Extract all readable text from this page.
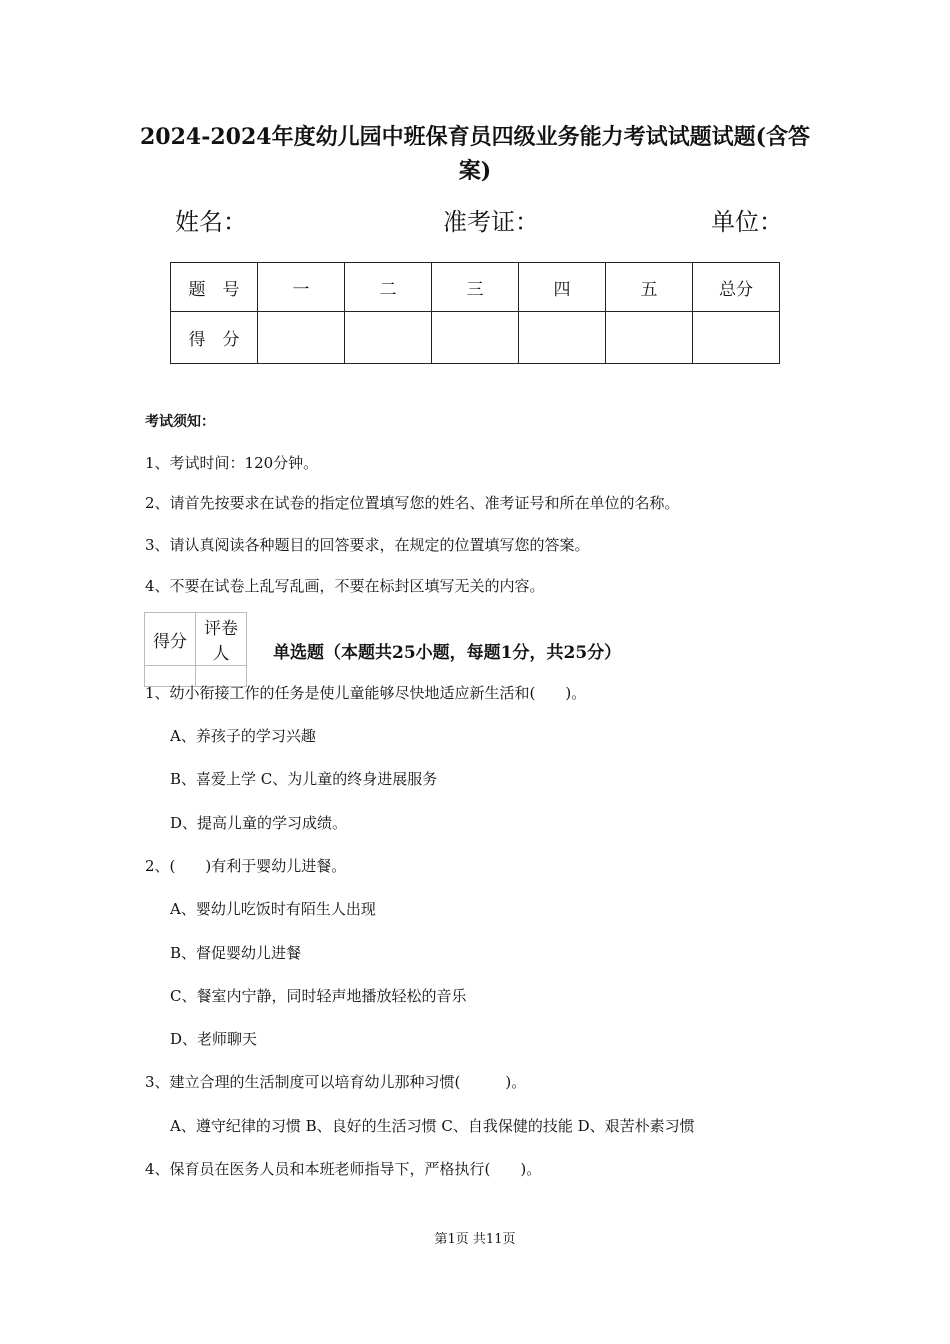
2024-2024年度幼儿园中班保育员四级业务能力考试试题试题(含答
案)
姓名：	准考证：	单位：
题　号	一	二	三	四	五	总分
得　分						
考试须知：
1、考试时间：120分钟。
2、请首先按要求在试卷的指定位置填写您的姓名、准考证号和所在单位的名称。
3、请认真阅读各种题目的回答要求，在规定的位置填写您的答案。
4、不要在试卷上乱写乱画，不要在标封区填写无关的内容。
得分	评卷人
		单选题（本题共25小题，每题1分，共25分）
1、幼小衔接工作的任务是使儿童能够尽快地适应新生活和(　　)。
A、养孩子的学习兴趣
B、喜爱上学 C、为儿童的终身进展服务
D、提高儿童的学习成绩。
2、(　　)有利于婴幼儿进餐。
A、婴幼儿吃饭时有陌生人出现
B、督促婴幼儿进餐
C、餐室内宁静，同时轻声地播放轻松的音乐
D、老师聊天
3、建立合理的生活制度可以培育幼儿那种习惯(　　　)。
A、遵守纪律的习惯 B、良好的生活习惯 C、自我保健的技能 D、艰苦朴素习惯
4、保育员在医务人员和本班老师指导下，严格执行(　　)。
第1页 共11页
